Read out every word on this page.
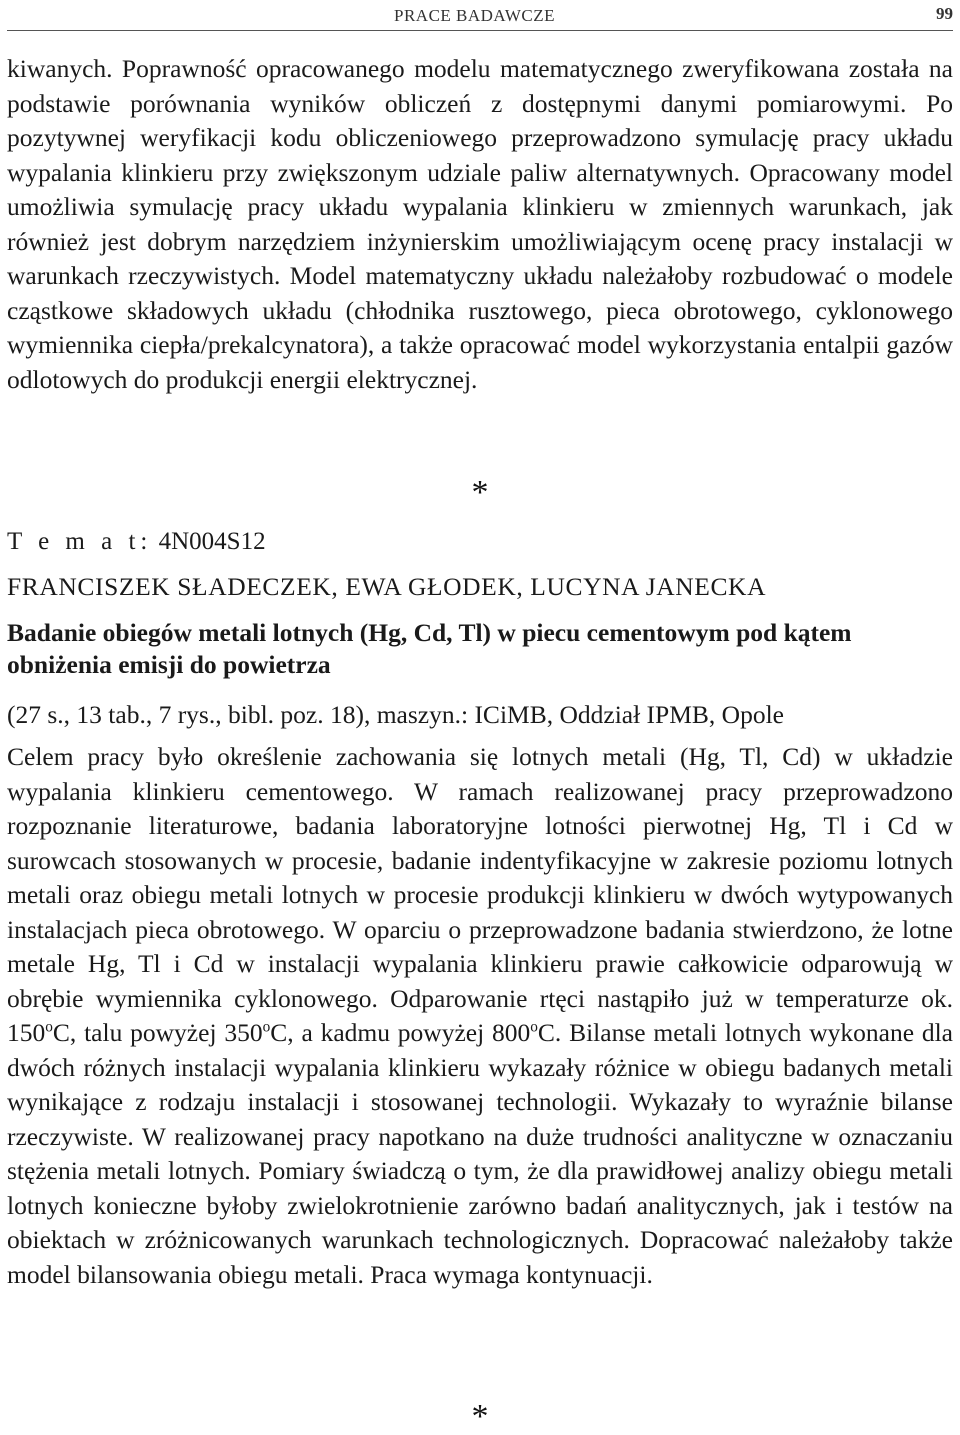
PRACE BADAWCZE	99

kiwanych. Poprawność opracowanego modelu matematycznego zweryfikowana została na podstawie porównania wyników obliczeń z dostępnymi danymi pomiarowymi. Po pozytywnej weryfikacji kodu obliczeniowego przeprowadzono symulację pracy układu wypalania klinkieru przy zwiększonym udziale paliw alternatywnych. Opracowany model umożliwia symulację pracy układu wypalania klinkieru w zmiennych warunkach, jak również jest dobrym narzędziem inżynierskim umożliwiającym ocenę pracy instalacji w warunkach rzeczywistych. Model matematyczny układu należałoby rozbudować o modele cząstkowe składowych układu (chłodnika rusztowego, pieca obrotowego, cyklonowego wymiennika ciepła/prekalcynatora), a także opracować model wykorzystania entalpii gazów odlotowych do produkcji energii elektrycznej.

*
T e m a t: 4N004S12
FRANCISZEK SŁADECZEK, EWA GŁODEK, LUCYNA JANECKA

Badanie obiegów metali lotnych (Hg, Cd, Tl) w piecu cementowym pod kątem obniżenia emisji do powietrza

(27 s., 13 tab., 7 rys., bibl. poz. 18), maszyn.: ICiMB, Oddział IPMB, Opole

Celem pracy było określenie zachowania się lotnych metali (Hg, Tl, Cd) w układzie wypalania klinkieru cementowego. W ramach realizowanej pracy przeprowadzono rozpoznanie literaturowe, badania laboratoryjne lotności pierwotnej Hg, Tl i Cd w surowcach stosowanych w procesie, badanie indentyfikacyjne w zakresie poziomu lotnych metali oraz obiegu metali lotnych w procesie produkcji klinkieru w dwóch wytypowanych instalacjach pieca obrotowego. W oparciu o przeprowadzone badania stwierdzono, że lotne metale Hg, Tl i Cd w instalacji wypalania klinkieru prawie całkowicie odparowują w obrębie wymiennika cyklonowego. Odparowanie rtęci nastąpiło już w temperaturze ok. 150$^o$C, talu powyżej 350$^o$C, a kadmu powyżej 800$^o$C. Bilanse metali lotnych wykonane dla dwóch różnych instalacji wypalania klinkieru wykazały różnice w obiegu badanych metali wynikające z rodzaju instalacji i stosowanej technologii. Wykazały to wyraźnie bilanse rzeczywiste. W realizowanej pracy napotkano na duże trudności analityczne w oznaczaniu stężenia metali lotnych. Pomiary świadczą o tym, że dla prawidłowej analizy obiegu metali lotnych konieczne byłoby zwielokrotnienie zarówno badań analitycznych, jak i testów na obiektach w zróżnicowanych warunkach technologicznych. Dopracować należałoby także model bilansowania obiegu metali. Praca wymaga kontynuacji.

*
